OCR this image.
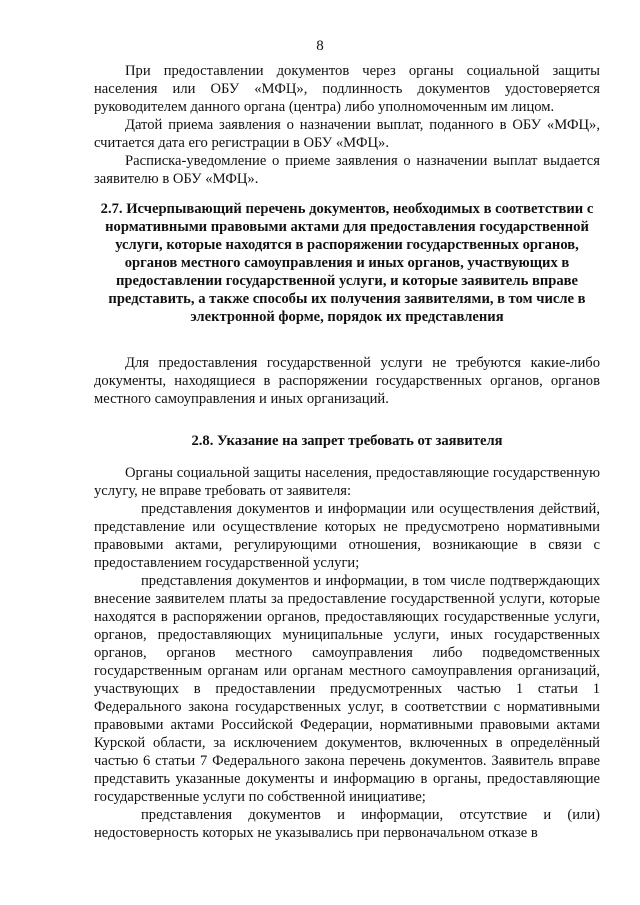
8

При предоставлении документов через органы социальной защиты населения или ОБУ «МФЦ», подлинность документов удостоверяется руководителем данного органа (центра) либо уполномоченным им лицом.

Датой приема заявления о назначении выплат, поданного в ОБУ «МФЦ», считается дата его регистрации в ОБУ «МФЦ».

Расписка-уведомление о приеме заявления о назначении выплат выдается заявителю в ОБУ «МФЦ».

2.7. Исчерпывающий перечень документов, необходимых в соответствии с нормативными правовыми актами для предоставления государственной услуги, которые находятся в распоряжении государственных органов, органов местного самоуправления и иных органов, участвующих в предоставлении государственной услуги, и которые заявитель вправе представить, а также способы их получения заявителями, в том числе в электронной форме, порядок их представления

Для предоставления государственной услуги не требуются какие-либо документы, находящиеся в распоряжении государственных органов, органов местного самоуправления и иных организаций.

2.8. Указание на запрет требовать от заявителя

Органы социальной защиты населения, предоставляющие государственную услугу, не вправе требовать от заявителя:

представления документов и информации или осуществления действий, представление или осуществление которых не предусмотрено нормативными правовыми актами, регулирующими отношения, возникающие в связи с предоставлением государственной услуги;

представления документов и информации, в том числе подтверждающих внесение заявителем платы за предоставление государственной услуги, которые находятся в распоряжении органов, предоставляющих государственные услуги, органов, предоставляющих муниципальные услуги, иных государственных органов, органов местного самоуправления либо подведомственных государственным органам или органам местного самоуправления организаций, участвующих в предоставлении предусмотренных частью 1 статьи 1 Федерального закона государственных услуг, в соответствии с нормативными правовыми актами Российской Федерации, нормативными правовыми актами Курской области, за исключением документов, включенных в определённый частью 6 статьи 7 Федерального закона перечень документов. Заявитель вправе представить указанные документы и информацию в органы, предоставляющие государственные услуги по собственной инициативе;

представления документов и информации, отсутствие и (или) недостоверность которых не указывались при первоначальном отказе в
